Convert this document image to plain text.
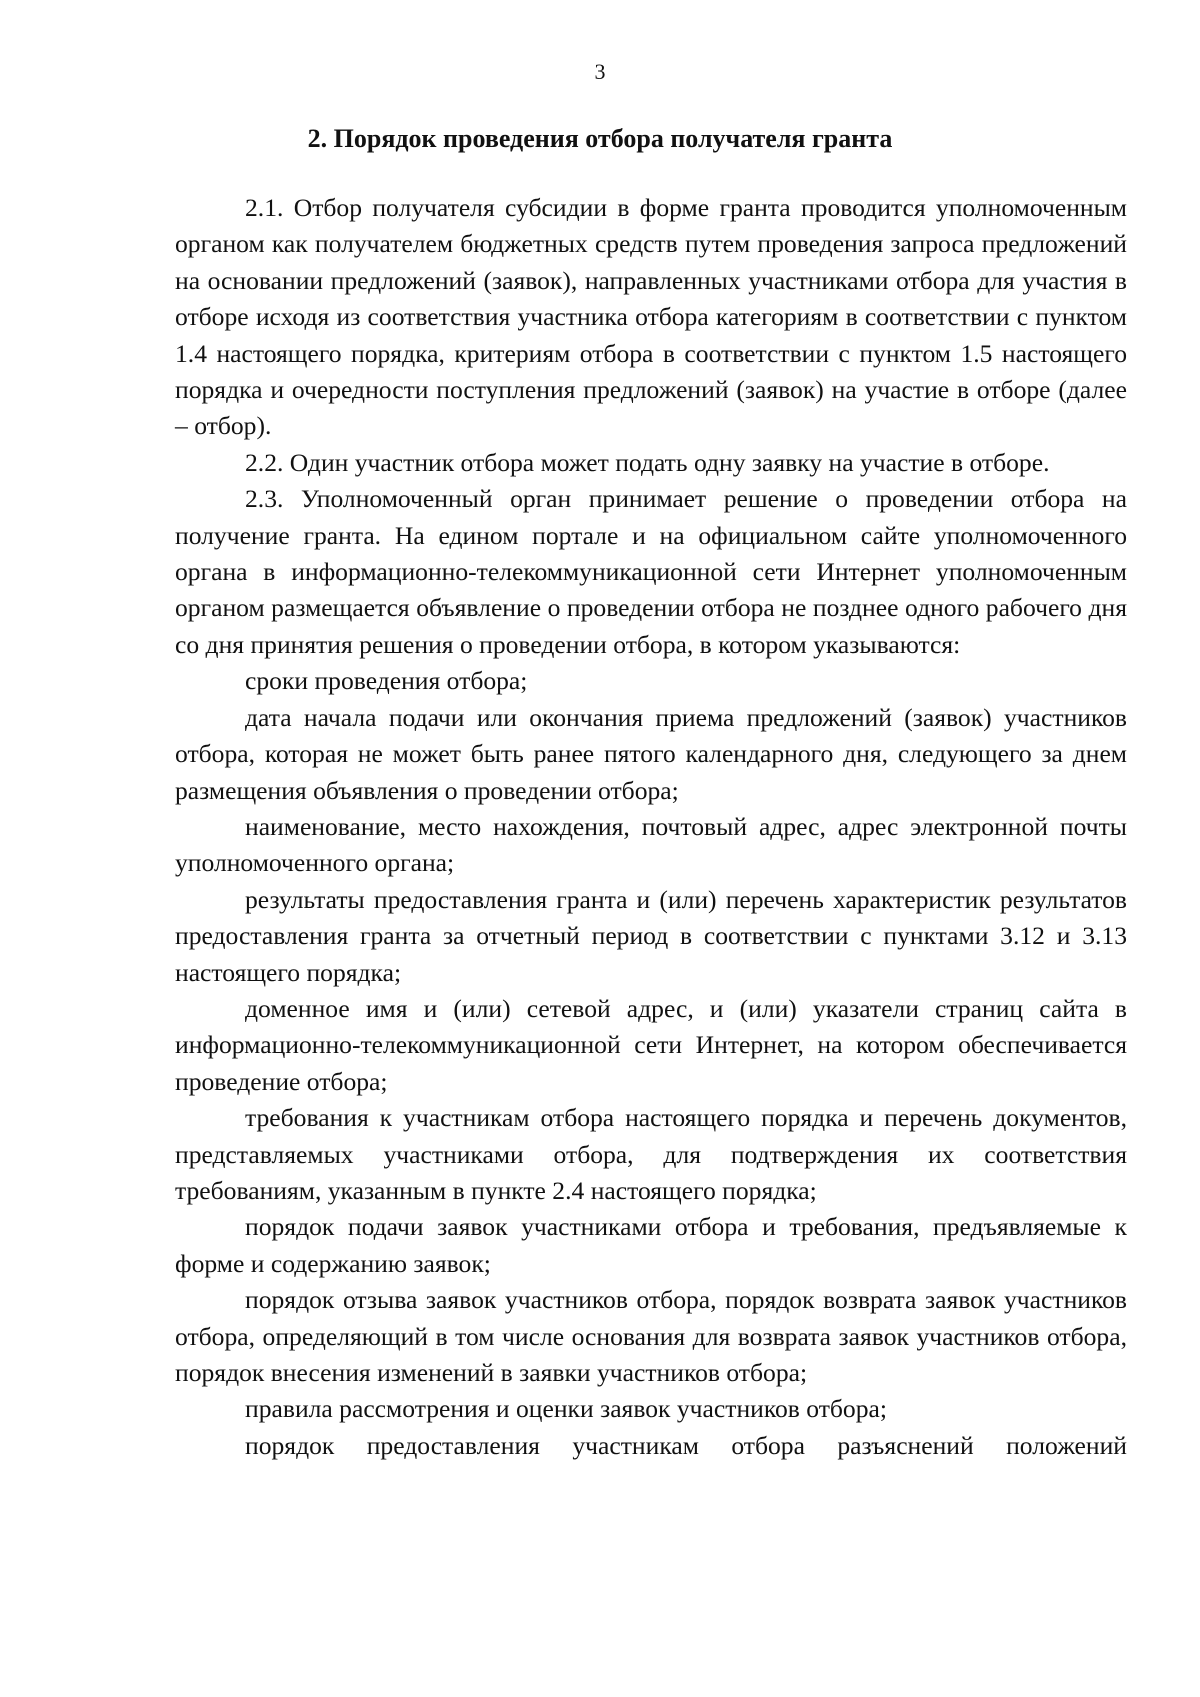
3
2. Порядок проведения отбора получателя гранта

2.1. Отбор получателя субсидии в форме гранта проводится уполномоченным органом как получателем бюджетных средств путем проведения запроса предложений на основании предложений (заявок), направленных участниками отбора для участия в отборе исходя из соответствия участника отбора категориям в соответствии с пунктом 1.4 настоящего порядка, критериям отбора в соответствии с пунктом 1.5 настоящего порядка и очередности поступления предложений (заявок) на участие в отборе (далее – отбор).

2.2. Один участник отбора может подать одну заявку на участие в отборе.

2.3. Уполномоченный орган принимает решение о проведении отбора на получение гранта. На едином портале и на официальном сайте уполномоченного органа в информационно-телекоммуникационной сети Интернет уполномоченным органом размещается объявление о проведении отбора не позднее одного рабочего дня со дня принятия решения о проведении отбора, в котором указываются:

сроки проведения отбора;

дата начала подачи или окончания приема предложений (заявок) участников отбора, которая не может быть ранее пятого календарного дня, следующего за днем размещения объявления о проведении отбора;

наименование, место нахождения, почтовый адрес, адрес электронной почты уполномоченного органа;

результаты предоставления гранта и (или) перечень характеристик результатов предоставления гранта за отчетный период в соответствии с пунктами 3.12 и 3.13 настоящего порядка;

доменное имя и (или) сетевой адрес, и (или) указатели страниц сайта в информационно-телекоммуникационной сети Интернет, на котором обеспечивается проведение отбора;

требования к участникам отбора настоящего порядка и перечень документов, представляемых участниками отбора, для подтверждения их соответствия требованиям, указанным в пункте 2.4 настоящего порядка;

порядок подачи заявок участниками отбора и требования, предъявляемые к форме и содержанию заявок;

порядок отзыва заявок участников отбора, порядок возврата заявок участников отбора, определяющий в том числе основания для возврата заявок участников отбора, порядок внесения изменений в заявки участников отбора;

правила рассмотрения и оценки заявок участников отбора;

порядок предоставления участникам отбора разъяснений положений
